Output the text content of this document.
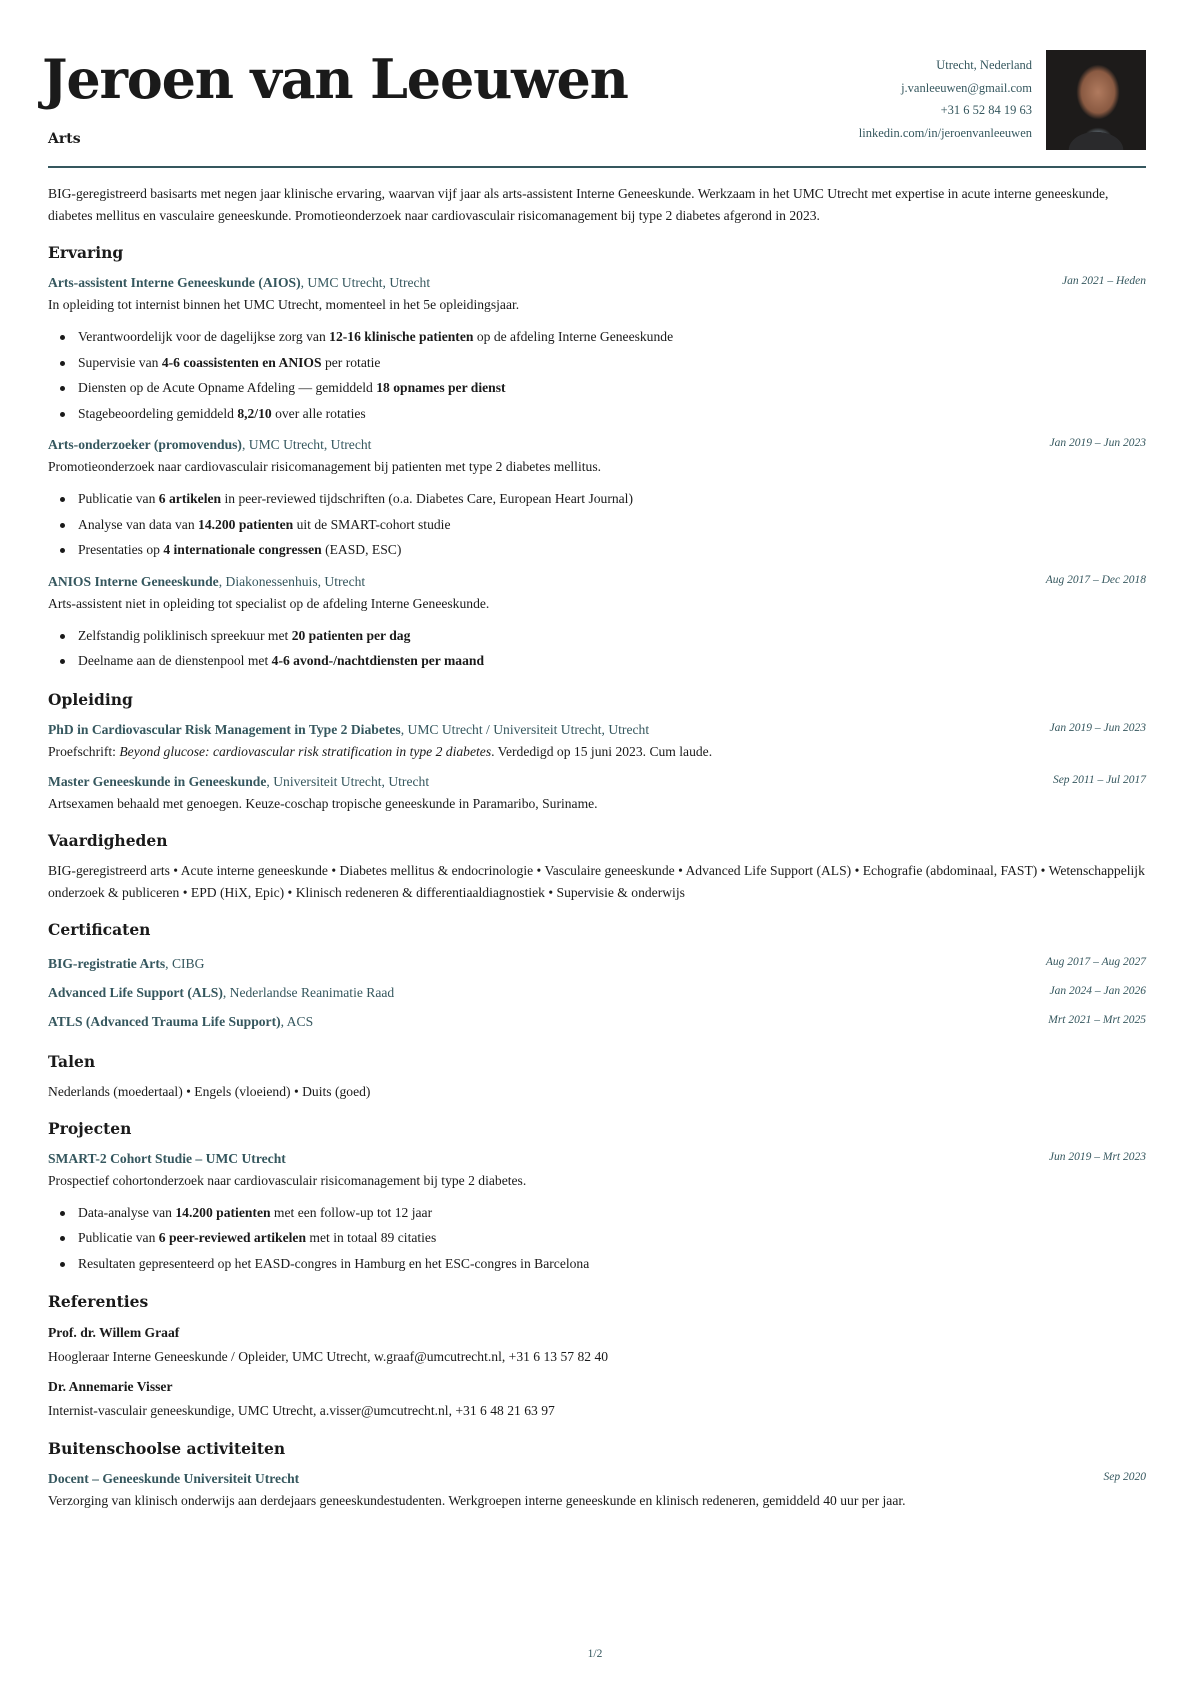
Jeroen van Leeuwen
Arts
Utrecht, Nederland
j.vanleeuwen@gmail.com
+31 6 52 84 19 63
linkedin.com/in/jeroenvanleeuwen
BIG-geregistreerd basisarts met negen jaar klinische ervaring, waarvan vijf jaar als arts-assistent Interne Geneeskunde. Werkzaam in het UMC Utrecht met expertise in acute interne geneeskunde, diabetes mellitus en vasculaire geneeskunde. Promotieonderzoek naar cardiovasculair risicomanagement bij type 2 diabetes afgerond in 2023.
Ervaring
Arts-assistent Interne Geneeskunde (AIOS), UMC Utrecht, Utrecht	Jan 2021 – Heden
In opleiding tot internist binnen het UMC Utrecht, momenteel in het 5e opleidingsjaar.
Verantwoordelijk voor de dagelijkse zorg van 12-16 klinische patienten op de afdeling Interne Geneeskunde
Supervisie van 4-6 coassistenten en ANIOS per rotatie
Diensten op de Acute Opname Afdeling — gemiddeld 18 opnames per dienst
Stagebeoordeling gemiddeld 8,2/10 over alle rotaties
Arts-onderzoeker (promovendus), UMC Utrecht, Utrecht	Jan 2019 – Jun 2023
Promotieonderzoek naar cardiovasculair risicomanagement bij patienten met type 2 diabetes mellitus.
Publicatie van 6 artikelen in peer-reviewed tijdschriften (o.a. Diabetes Care, European Heart Journal)
Analyse van data van 14.200 patienten uit de SMART-cohort studie
Presentaties op 4 internationale congressen (EASD, ESC)
ANIOS Interne Geneeskunde, Diakonessenhuis, Utrecht	Aug 2017 – Dec 2018
Arts-assistent niet in opleiding tot specialist op de afdeling Interne Geneeskunde.
Zelfstandig poliklinisch spreekuur met 20 patienten per dag
Deelname aan de dienstenpool met 4-6 avond-/nachtdiensten per maand
Opleiding
PhD in Cardiovascular Risk Management in Type 2 Diabetes, UMC Utrecht / Universiteit Utrecht, Utrecht	Jan 2019 – Jun 2023
Proefschrift: Beyond glucose: cardiovascular risk stratification in type 2 diabetes. Verdedigd op 15 juni 2023. Cum laude.
Master Geneeskunde in Geneeskunde, Universiteit Utrecht, Utrecht	Sep 2011 – Jul 2017
Artsexamen behaald met genoegen. Keuze-coschap tropische geneeskunde in Paramaribo, Suriname.
Vaardigheden
BIG-geregistreerd arts • Acute interne geneeskunde • Diabetes mellitus & endocrinologie • Vasculaire geneeskunde • Advanced Life Support (ALS) • Echografie (abdominaal, FAST) • Wetenschappelijk onderzoek & publiceren • EPD (HiX, Epic) • Klinisch redeneren & differentiaaldiagnostiek • Supervisie & onderwijs
Certificaten
BIG-registratie Arts, CIBG	Aug 2017 – Aug 2027
Advanced Life Support (ALS), Nederlandse Reanimatie Raad	Jan 2024 – Jan 2026
ATLS (Advanced Trauma Life Support), ACS	Mrt 2021 – Mrt 2025
Talen
Nederlands (moedertaal) • Engels (vloeiend) • Duits (goed)
Projecten
SMART-2 Cohort Studie – UMC Utrecht	Jun 2019 – Mrt 2023
Prospectief cohortonderzoek naar cardiovasculair risicomanagement bij type 2 diabetes.
Data-analyse van 14.200 patienten met een follow-up tot 12 jaar
Publicatie van 6 peer-reviewed artikelen met in totaal 89 citaties
Resultaten gepresenteerd op het EASD-congres in Hamburg en het ESC-congres in Barcelona
Referenties
Prof. dr. Willem Graaf
Hoogleraar Interne Geneeskunde / Opleider, UMC Utrecht, w.graaf@umcutrecht.nl, +31 6 13 57 82 40
Dr. Annemarie Visser
Internist-vasculair geneeskundige, UMC Utrecht, a.visser@umcutrecht.nl, +31 6 48 21 63 97
Buitenschoolse activiteiten
Docent – Geneeskunde Universiteit Utrecht	Sep 2020
Verzorging van klinisch onderwijs aan derdejaars geneeskundestudenten. Werkgroepen interne geneeskunde en klinisch redeneren, gemiddeld 40 uur per jaar.
1/2
